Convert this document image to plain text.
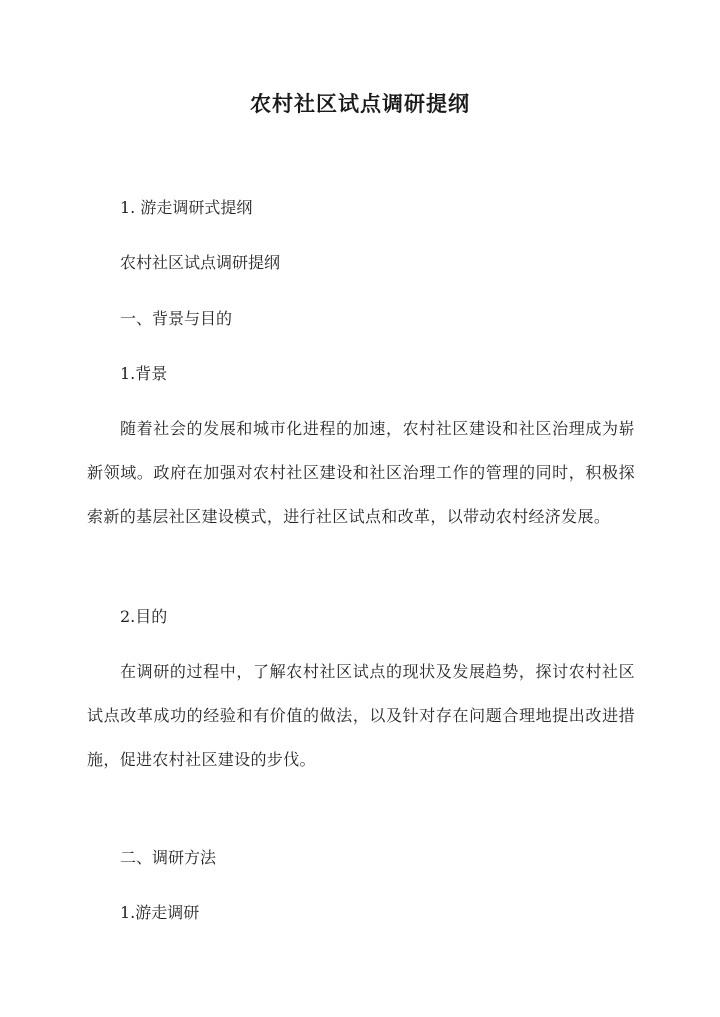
农村社区试点调研提纲
1. 游走调研式提纲
农村社区试点调研提纲
一、背景与目的
1.背景
随着社会的发展和城市化进程的加速，农村社区建设和社区治理成为崭新领域。政府在加强对农村社区建设和社区治理工作的管理的同时，积极探索新的基层社区建设模式，进行社区试点和改革，以带动农村经济发展。
2.目的
在调研的过程中，了解农村社区试点的现状及发展趋势，探讨农村社区试点改革成功的经验和有价值的做法，以及针对存在问题合理地提出改进措施，促进农村社区建设的步伐。
二、调研方法
1.游走调研
